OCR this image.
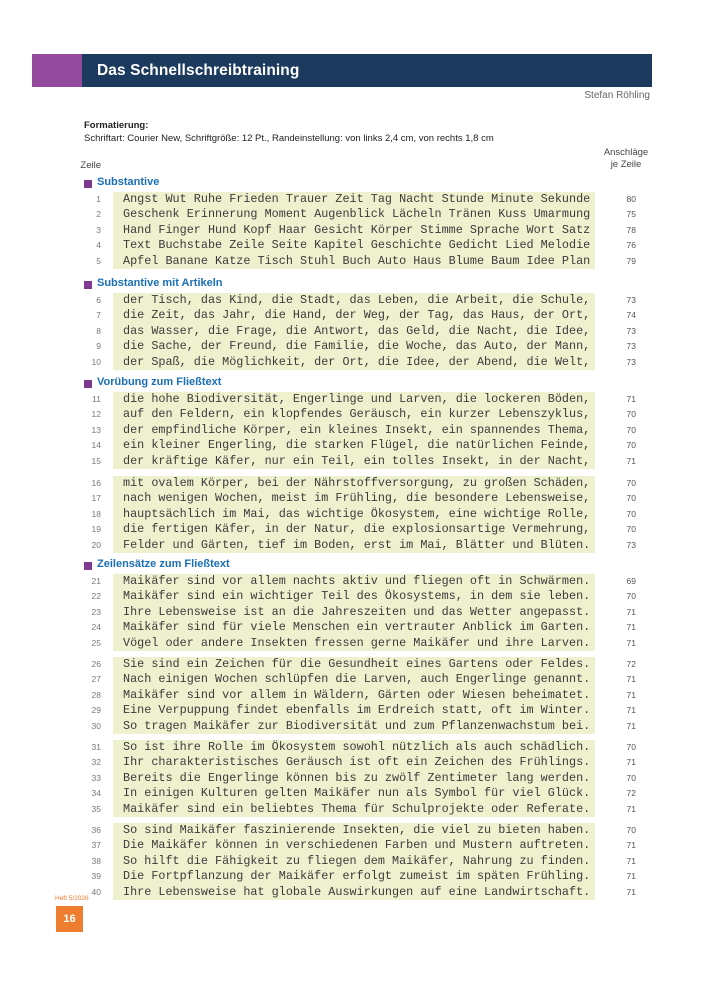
Das Schnellschreibtraining
Stefan Röhling
Formatierung:
Schriftart: Courier New, Schriftgröße: 12 Pt., Randeinstellung: von links 2,4 cm, von rechts 1,8 cm
Zeile
Anschläge
je Zeile
Substantive
1
2
3
4
5
Angst Wut Ruhe Frieden Trauer Zeit Tag Nacht Stunde Minute Sekunde
Geschenk Erinnerung Moment Augenblick Lächeln Tränen Kuss Umarmung
Hand Finger Hund Kopf Haar Gesicht Körper Stimme Sprache Wort Satz
Text Buchstabe Zeile Seite Kapitel Geschichte Gedicht Lied Melodie
Apfel Banane Katze Tisch Stuhl Buch Auto Haus Blume Baum Idee Plan
80
75
78
76
79
Substantive mit Artikeln
6
7
8
9
10
der Tisch, das Kind, die Stadt, das Leben, die Arbeit, die Schule,
die Zeit, das Jahr, die Hand, der Weg, der Tag, das Haus, der Ort,
das Wasser, die Frage, die Antwort, das Geld, die Nacht, die Idee,
die Sache, der Freund, die Familie, die Woche, das Auto, der Mann,
der Spaß, die Möglichkeit, der Ort, die Idee, der Abend, die Welt,
73
74
73
73
73
Vorübung zum Fließtext
11
12
13
14
15
die hohe Biodiversität, Engerlinge und Larven, die lockeren Böden,
auf den Feldern, ein klopfendes Geräusch, ein kurzer Lebenszyklus,
der empfindliche Körper, ein kleines Insekt, ein spannendes Thema,
ein kleiner Engerling, die starken Flügel, die natürlichen Feinde,
der kräftige Käfer, nur ein Teil, ein tolles Insekt, in der Nacht,
71
70
70
70
71
16
17
18
19
20
mit ovalem Körper, bei der Nährstoffversorgung, zu großen Schäden,
nach wenigen Wochen, meist im Frühling, die besondere Lebensweise,
hauptsächlich im Mai, das wichtige Ökosystem, eine wichtige Rolle,
die fertigen Käfer, in der Natur, die explosionsartige Vermehrung,
Felder und Gärten, tief im Boden, erst im Mai, Blätter und Blüten.
70
70
70
70
73
Zeilensätze zum Fließtext
21
22
23
24
25
Maikäfer sind vor allem nachts aktiv und fliegen oft in Schwärmen.
Maikäfer sind ein wichtiger Teil des Ökosystems, in dem sie leben.
Ihre Lebensweise ist an die Jahreszeiten und das Wetter angepasst.
Maikäfer sind für viele Menschen ein vertrauter Anblick im Garten.
Vögel oder andere Insekten fressen gerne Maikäfer und ihre Larven.
69
70
71
71
71
26
27
28
29
30
Sie sind ein Zeichen für die Gesundheit eines Gartens oder Feldes.
Nach einigen Wochen schlüpfen die Larven, auch Engerlinge genannt.
Maikäfer sind vor allem in Wäldern, Gärten oder Wiesen beheimatet.
Eine Verpuppung findet ebenfalls im Erdreich statt, oft im Winter.
So tragen Maikäfer zur Biodiversität und zum Pflanzenwachstum bei.
72
71
71
71
71
31
32
33
34
35
So ist ihre Rolle im Ökosystem sowohl nützlich als auch schädlich.
Ihr charakteristisches Geräusch ist oft ein Zeichen des Frühlings.
Bereits die Engerlinge können bis zu zwölf Zentimeter lang werden.
In einigen Kulturen gelten Maikäfer nun als Symbol für viel Glück.
Maikäfer sind ein beliebtes Thema für Schulprojekte oder Referate.
70
71
70
72
71
36
37
38
39
40
So sind Maikäfer faszinierende Insekten, die viel zu bieten haben.
Die Maikäfer können in verschiedenen Farben und Mustern auftreten.
So hilft die Fähigkeit zu fliegen dem Maikäfer, Nahrung zu finden.
Die Fortpflanzung der Maikäfer erfolgt zumeist im späten Frühling.
Ihre Lebensweise hat globale Auswirkungen auf eine Landwirtschaft.
70
71
71
71
71
Heft 5/2026
16
